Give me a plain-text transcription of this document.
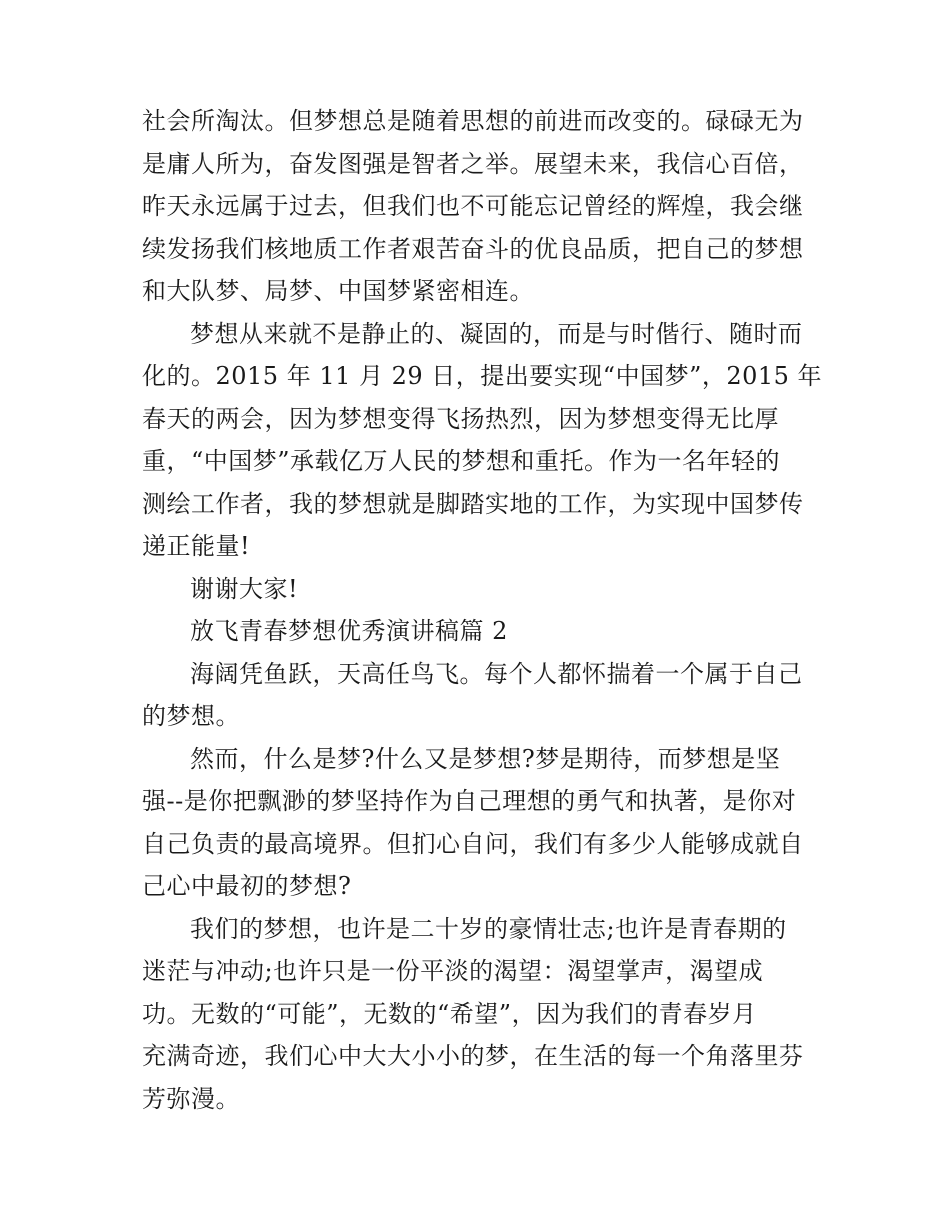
社会所淘汰。但梦想总是随着思想的前进而改变的。碌碌无为
是庸人所为，奋发图强是智者之举。展望未来，我信心百倍，
昨天永远属于过去，但我们也不可能忘记曾经的辉煌，我会继
续发扬我们核地质工作者艰苦奋斗的优良品质，把自己的梦想
和大队梦、局梦、中国梦紧密相连。
梦想从来就不是静止的、凝固的，而是与时偕行、随时而
化的。2015 年 11 月 29 日，提出要实现“中国梦”，2015 年
春天的两会，因为梦想变得飞扬热烈，因为梦想变得无比厚
重，“中国梦”承载亿万人民的梦想和重托。作为一名年轻的
测绘工作者，我的梦想就是脚踏实地的工作，为实现中国梦传
递正能量!
谢谢大家!
放飞青春梦想优秀演讲稿篇 2
海阔凭鱼跃，天高任鸟飞。每个人都怀揣着一个属于自己
的梦想。
然而，什么是梦?什么又是梦想?梦是期待，而梦想是坚
强--是你把飘渺的梦坚持作为自己理想的勇气和执著，是你对
自己负责的最高境界。但扪心自问，我们有多少人能够成就自
己心中最初的梦想?
我们的梦想，也许是二十岁的豪情壮志;也许是青春期的
迷茫与冲动;也许只是一份平淡的渴望：渴望掌声，渴望成
功。无数的“可能”，无数的“希望”，因为我们的青春岁月
充满奇迹，我们心中大大小小的梦，在生活的每一个角落里芬
芳弥漫。
